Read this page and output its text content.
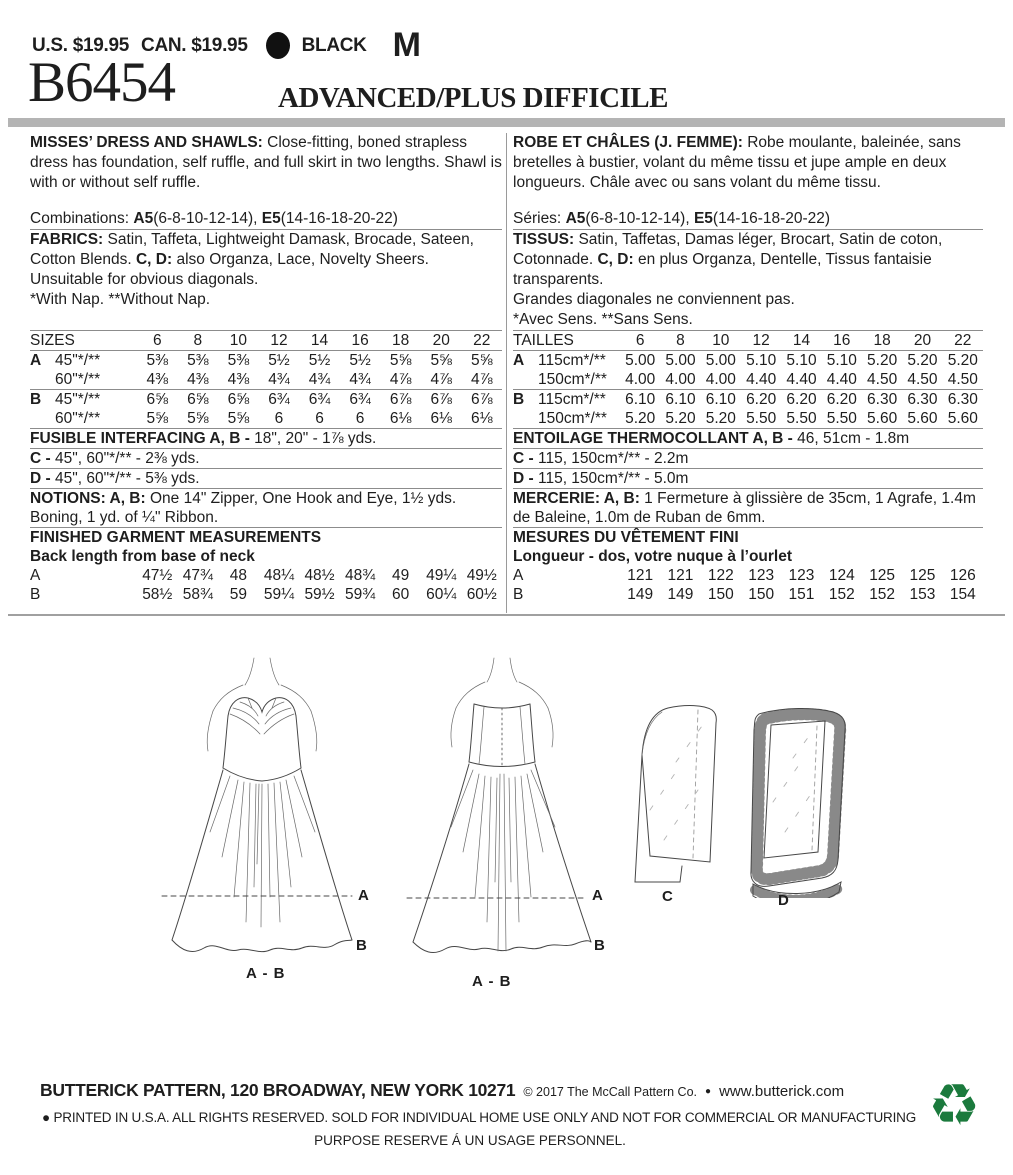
U.S. $19.95 CAN. $19.95	BLACK M
B6454	ADVANCED/PLUS DIFFICILE

MISSES’ DRESS AND SHAWLS: Close-fitting, boned strapless dress has foundation, self ruffle, and full skirt in two lengths. Shawl is with or without self ruffle.

Combinations: A5(6-8-10-12-14), E5(14-16-18-20-22)

FABRICS: Satin, Taffeta, Lightweight Damask, Brocade, Sateen, Cotton Blends. C, D: also Organza, Lace, Novelty Sheers.

Unsuitable for obvious diagonals.

*With Nap. **Without Nap.

SIZES	6	8	10	12	14	16	18	20	22
A 45"*/**	5⅜	5⅜	5⅜	5½	5½	5½	5⅝	5⅝	5⅝
60"*/**	4⅜	4⅜	4⅜	4¾	4¾	4¾	4⅞	4⅞	4⅞
B 45"*/**	6⅝	6⅝	6⅝	6¾	6¾	6¾	6⅞	6⅞	6⅞
60"*/**	5⅝	5⅝	5⅝	6	6	6	6⅛	6⅛	6⅛
FUSIBLE INTERFACING A, B - 18", 20" - 1⅞ yds.
C - 45", 60"*/** - 2⅜ yds.
D - 45", 60"*/** - 5⅜ yds.
NOTIONS: A, B: One 14" Zipper, One Hook and Eye, 1½ yds. Boning, 1 yd. of ¼" Ribbon.
FINISHED GARMENT MEASUREMENTS
Back length from base of neck
A	47½ 47¾	48	48¼ 48½ 48¾	49	49¼ 49½
B	58½ 58¾	59	59¼ 59½ 59¾	60	60¼ 60½

ROBE ET CHÂLES (J. FEMME): Robe moulante, baleinée, sans bretelles à bustier, volant du même tissu et jupe ample en deux longueurs. Châle avec ou sans volant du même tissu.

Séries: A5(6-8-10-12-14), E5(14-16-18-20-22)

TISSUS: Satin, Taffetas, Damas léger, Brocart, Satin de coton, Cotonnade. C, D: en plus Organza, Dentelle, Tissus fantaisie transparents.

Grandes diagonales ne conviennent pas.

*Avec Sens. **Sans Sens.

TAILLES	6	8	10	12	14	16	18	20	22
A 115cm*/**	5.00 5.00 5.00 5.10 5.10 5.10 5.20 5.20 5.20
150cm*/**	4.00 4.00 4.00 4.40 4.40 4.40 4.50 4.50 4.50
B 115cm*/**	6.10 6.10 6.10 6.20 6.20 6.20 6.30 6.30 6.30
150cm*/**	5.20 5.20 5.20 5.50 5.50 5.50 5.60 5.60 5.60
ENTOILAGE THERMOCOLLANT A, B - 46, 51cm - 1.8m
C - 115, 150cm*/** - 2.2m
D - 115, 150cm*/** - 5.0m
MERCERIE: A, B: 1 Fermeture à glissière de 35cm, 1 Agrafe, 1.4m de Baleine, 1.0m de Ruban de 6mm.
MESURES DU VÊTEMENT FINI
Longueur - dos, votre nuque à l’ourlet
A	121 121 122 123 123 124 125 125 126
B	149 149 150 150 151 152 152 153 154
A
B
A - B
A
B
A - B
C	D
BUTTERICK PATTERN, 120 BROADWAY, NEW YORK 10271 © 2017 The McCall Pattern Co. ● www.butterick.com
● PRINTED IN U.S.A. ALL RIGHTS RESERVED. SOLD FOR INDIVIDUAL HOME USE ONLY AND NOT FOR COMMERCIAL OR MANUFACTURING
PURPOSE RESERVE Á UN USAGE PERSONNEL.
♻
